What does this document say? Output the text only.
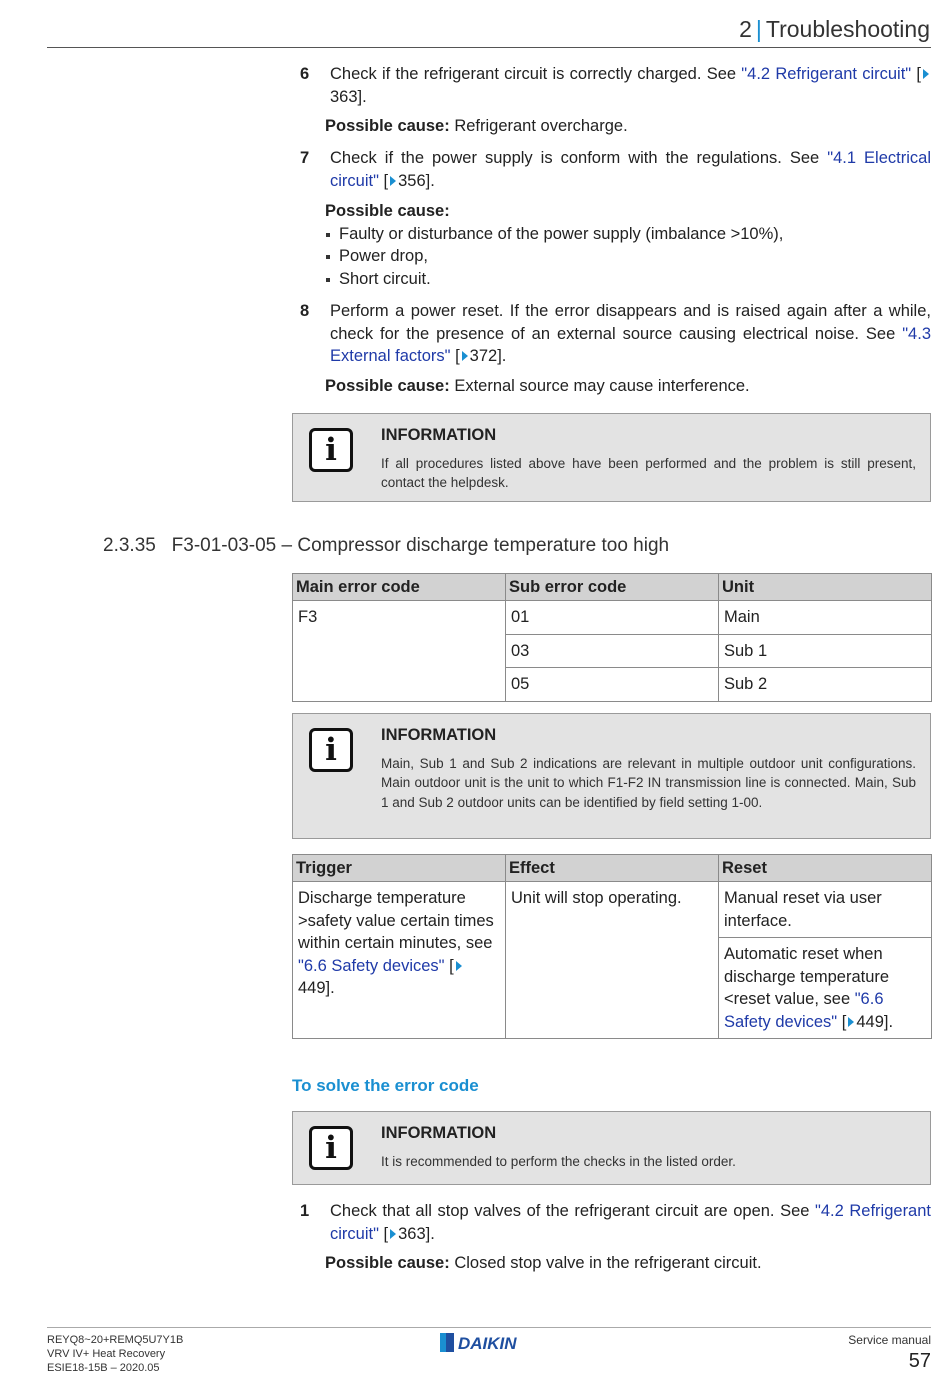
2 | Troubleshooting
6 Check if the refrigerant circuit is correctly charged. See "4.2 Refrigerant circuit" [363].
Possible cause: Refrigerant overcharge.
7 Check if the power supply is conform with the regulations. See "4.1 Electrical circuit" [ 356].
Possible cause:
Faulty or disturbance of the power supply (imbalance >10%),
Power drop,
Short circuit.
8 Perform a power reset. If the error disappears and is raised again after a while, check for the presence of an external source causing electrical noise. See "4.3 External factors" [ 372].
Possible cause: External source may cause interference.
i	INFORMATION
If all procedures listed above have been performed and the problem is still present, contact the helpdesk.
2.3.35 F3-01-03-05 – Compressor discharge temperature too high
Main error code	Sub error code	Unit
F3	01	Main
	03	Sub 1
	05	Sub 2
i	INFORMATION
Main, Sub 1 and Sub 2 indications are relevant in multiple outdoor unit configurations. Main outdoor unit is the unit to which F1-F2 IN transmission line is connected. Main, Sub 1 and Sub 2 outdoor units can be identified by field setting 1-00.
Trigger	Effect	Reset
Discharge temperature >safety value certain times within certain minutes, see "6.6 Safety devices" [449].	Unit will stop operating.	Manual reset via user interface.
		Automatic reset when discharge temperature <reset value, see "6.6 Safety devices" [ 449].
To solve the error code
i	INFORMATION
It is recommended to perform the checks in the listed order.
1 Check that all stop valves of the refrigerant circuit are open. See "4.2 Refrigerant circuit" [ 363].
Possible cause: Closed stop valve in the refrigerant circuit.
REYQ8~20+REMQ5U7Y1B
VRV IV+ Heat Recovery
ESIE18-15B – 2020.05
DAIKIN	Service manual
57
